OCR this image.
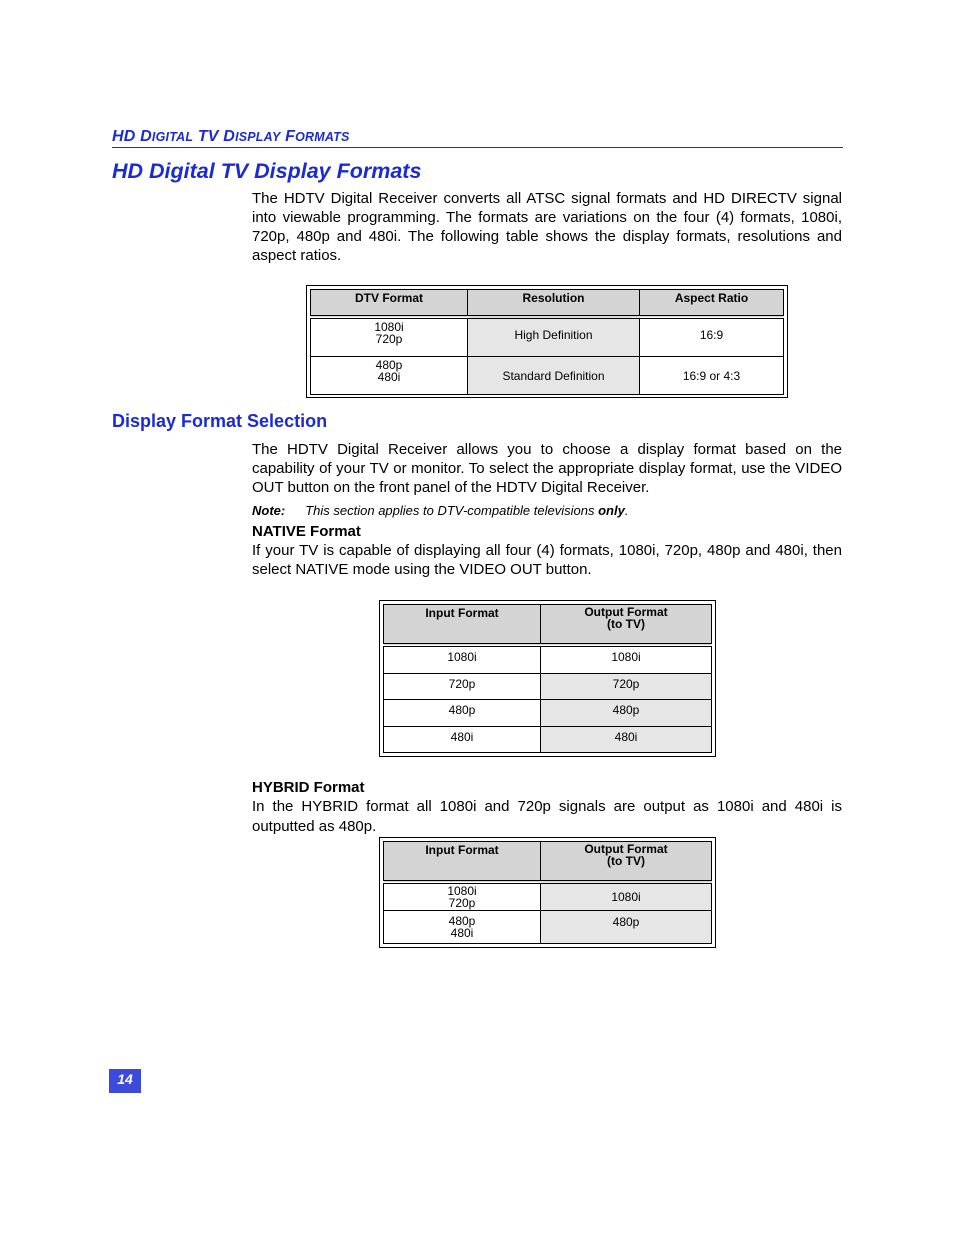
HD DIGITAL TV DISPLAY FORMATS
HD Digital TV Display Formats
The HDTV Digital Receiver converts all ATSC signal formats and HD DIRECTV signal into viewable programming. The formats are variations on the four (4) formats, 1080i, 720p, 480p and 480i. The following table shows the display formats, resolutions and aspect ratios.
DTV Format	Resolution	Aspect Ratio

1080i
720p	High Definition	16:9

480p
480i	Standard Definition	16:9 or 4:3
Display Format Selection
The HDTV Digital Receiver allows you to choose a display format based on the capability of your TV or monitor. To select the appropriate display format, use the VIDEO OUT button on the front panel of the HDTV Digital Receiver.
Note: This section applies to DTV-compatible televisions only.
NATIVE Format
If your TV is capable of displaying all four (4) formats, 1080i, 720p, 480p and 480i, then select NATIVE mode using the VIDEO OUT button.
Input Format	Output Format
(to TV)

1080i	1080i
720p	720p
480p	480p
480i	480i
HYBRID Format
In the HYBRID format all 1080i and 720p signals are output as 1080i and 480i is outputted as 480p.
Input Format	Output Format
(to TV)

1080i
720p	1080i

480p
480i	480p
14
